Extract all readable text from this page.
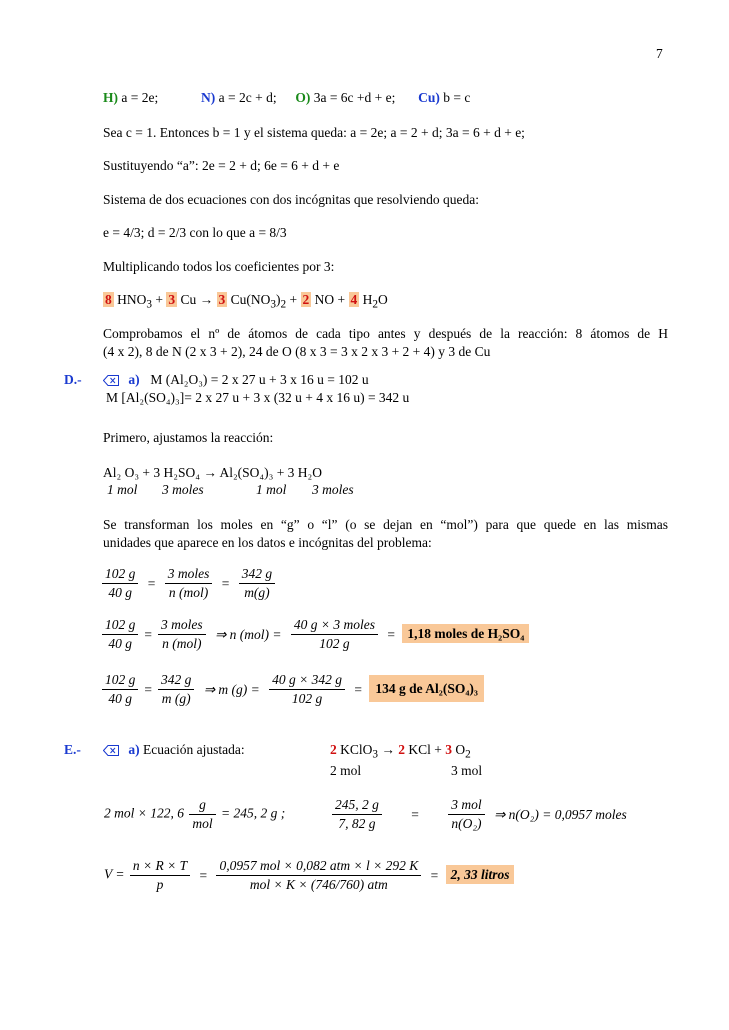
7
H) a = 2e;	N) a = 2c + d; O) 3a = 6c +d + e; Cu) b = c
Sea c = 1. Entonces b = 1 y el sistema queda: a = 2e; a = 2 + d; 3a = 6 + d + e;
Sustituyendo “a”: 2e = 2 + d; 6e = 6 + d + e
Sistema de dos ecuaciones con dos incógnitas que resolviendo queda:
e = 4/3; d = 2/3 con lo que a = 8/3
Multiplicando todos los coeficientes por 3:
8 $HNO_3 + 3$ Cu → 3 $Cu(NO_3)_2 + 2$ NO + 4 $H_2O$
Comprobamos el nº de átomos de cada tipo antes y después de la reacción: 8 átomos de H
(4 x 2), 8 de N (2 x 3 + 2), 24 de O (8 x 3 = 3 x 2 x 3 + 2 + 4) y 3 de Cu
D.-	a) M (Al₂O₃) = 2 x 27 u + 3 x 16 u = 102 u
M [Al₂(SO₄)₃]= 2 x 27 u + 3 x (32 u + 4 x 16 u) = 342 u
Primero, ajustamos la reacción:
Al₂ O₃ + 3 H₂SO₄ → Al₂(SO₄)₃ + 3 H₂O
1 mol 3 moles	1 mol 3 moles
Se transforman los moles en “g” o “l” (o se dejan en “mol”) para que quede en las mismas
unidades que aparece en los datos e incógnitas del problema:
$\frac{102 g}{40 g} = \frac{\text{3 moles}}{\text{n (mol)}} = \frac{342 g}{m(g)}$
$\frac{102 g}{40 g} = \frac{\text{3 moles}}{\text{n (mol)}}$ ⇒ n $(mol) = \frac{\text{40 g × 3 moles}}{102 g} = 1,18$ moles de H₂SO₄
$\frac{102 g}{40 g} = \frac{342 g}{m (g)}$ ⇒ m $(g) = \frac{40 g \times 342 g}{102 g} = 134$ g de Al₂(SO₄)₃
E.-	a) Ecuación ajustada:	2 KClO$_3$ → 2 KCl + 3 $O_2$
2 mol	3 mol
2 mol × 122, $6 \frac{g}{\text{mol}} = 245$, 2 g ;	$\frac{245, 2 g}{7, 82 g} = \frac{\text{3 mol}}{\text{n(O₂)}}$ ⇒ n(O₂) = 0,0957 moles
$V = \frac{n \times R \times T}{p} = \frac{\text{0,0957 mol × 0,082 atm × l × 292 K}}{\text{mol × K × (746/760) atm}} = 2$, 33 litros
